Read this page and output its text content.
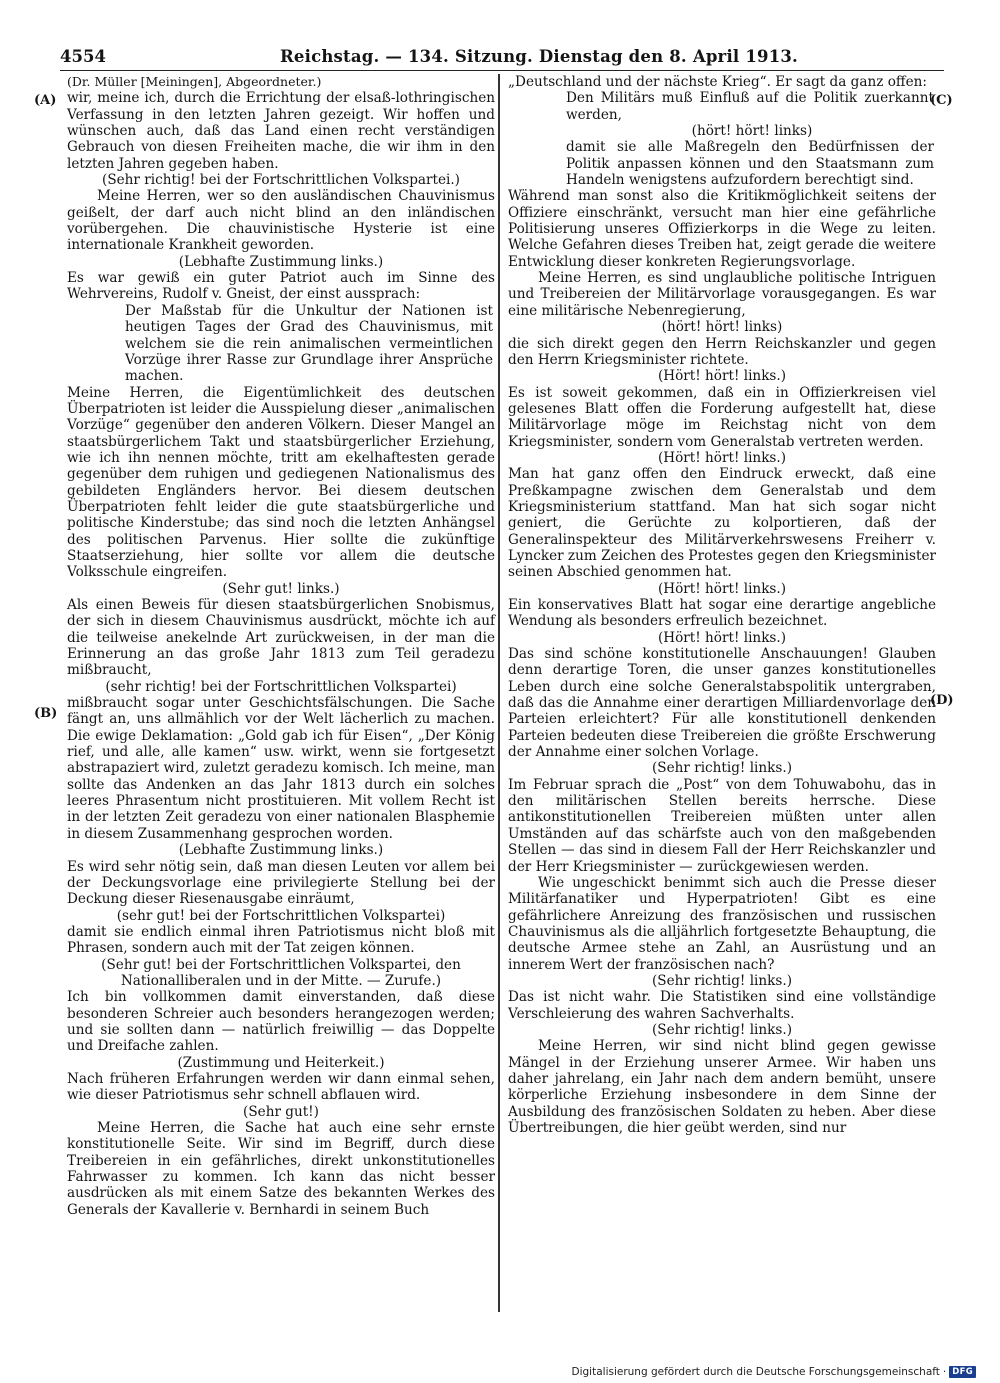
4554	Reichstag. — 134. Sitzung. Dienstag den 8. April 1913.
(A)
(B)
(C)
(D)

(Dr. Müller [Meiningen], Abgeordneter.)

wir, meine ich, durch die Errichtung der elsaß-lothringischen Verfassung in den letzten Jahren gezeigt. Wir hoffen und wünschen auch, daß das Land einen recht verständigen Gebrauch von diesen Freiheiten mache, die wir ihm in den letzten Jahren gegeben haben.

(Sehr richtig! bei der Fortschrittlichen Volkspartei.)

Meine Herren, wer so den ausländischen Chauvinismus geißelt, der darf auch nicht blind an den inländischen vorübergehen. Die chauvinistische Hysterie ist eine internationale Krankheit geworden.

(Lebhafte Zustimmung links.)

Es war gewiß ein guter Patriot auch im Sinne des Wehrvereins, Rudolf v. Gneist, der einst aussprach:

Der Maßstab für die Unkultur der Nationen ist heutigen Tages der Grad des Chauvinismus, mit welchem sie die rein animalischen vermeintlichen Vorzüge ihrer Rasse zur Grundlage ihrer Ansprüche machen.

Meine Herren, die Eigentümlichkeit des deutschen Überpatrioten ist leider die Ausspielung dieser „animalischen Vorzüge“ gegenüber den anderen Völkern. Dieser Mangel an staatsbürgerlichem Takt und staatsbürgerlicher Erziehung, wie ich ihn nennen möchte, tritt am ekelhaftesten gerade gegenüber dem ruhigen und gediegenen Nationalismus des gebildeten Engländers hervor. Bei diesem deutschen Überpatrioten fehlt leider die gute staatsbürgerliche und politische Kinderstube; das sind noch die letzten Anhängsel des politischen Parvenus. Hier sollte die zukünftige Staatserziehung, hier sollte vor allem die deutsche Volksschule eingreifen.

(Sehr gut! links.)

Als einen Beweis für diesen staatsbürgerlichen Snobismus, der sich in diesem Chauvinismus ausdrückt, möchte ich auf die teilweise anekelnde Art zurückweisen, in der man die Erinnerung an das große Jahr 1813 zum Teil geradezu mißbraucht,

(sehr richtig! bei der Fortschrittlichen Volkspartei)

mißbraucht sogar unter Geschichtsfälschungen. Die Sache fängt an, uns allmählich vor der Welt lächerlich zu machen. Die ewige Deklamation: „Gold gab ich für Eisen“, „Der König rief, und alle, alle kamen“ usw. wirkt, wenn sie fortgesetzt abstrapaziert wird, zuletzt geradezu komisch. Ich meine, man sollte das Andenken an das Jahr 1813 durch ein solches leeres Phrasentum nicht prostituieren. Mit vollem Recht ist in der letzten Zeit geradezu von einer nationalen Blasphemie in diesem Zusammenhang gesprochen worden.

(Lebhafte Zustimmung links.)

Es wird sehr nötig sein, daß man diesen Leuten vor allem bei der Deckungsvorlage eine privilegierte Stellung bei der Deckung dieser Riesenausgabe einräumt,

(sehr gut! bei der Fortschrittlichen Volkspartei)

damit sie endlich einmal ihren Patriotismus nicht bloß mit Phrasen, sondern auch mit der Tat zeigen können.

(Sehr gut! bei der Fortschrittlichen Volkspartei, den Nationalliberalen und in der Mitte. — Zurufe.)

Ich bin vollkommen damit einverstanden, daß diese besonderen Schreier auch besonders herangezogen werden; und sie sollten dann — natürlich freiwillig — das Doppelte und Dreifache zahlen.

(Zustimmung und Heiterkeit.)

Nach früheren Erfahrungen werden wir dann einmal sehen, wie dieser Patriotismus sehr schnell abflauen wird.

(Sehr gut!)

Meine Herren, die Sache hat auch eine sehr ernste konstitutionelle Seite. Wir sind im Begriff, durch diese Treibereien in ein gefährliches, direkt unkonstitutionelles Fahrwasser zu kommen. Ich kann das nicht besser ausdrücken als mit einem Satze des bekannten Werkes des Generals der Kavallerie v. Bernhardi in seinem Buch

„Deutschland und der nächste Krieg“. Er sagt da ganz offen:

Den Militärs muß Einfluß auf die Politik zuerkannt werden,

(hört! hört! links)

damit sie alle Maßregeln den Bedürfnissen der Politik anpassen können und den Staatsmann zum Handeln wenigstens aufzufordern berechtigt sind.

Während man sonst also die Kritikmöglichkeit seitens der Offiziere einschränkt, versucht man hier eine gefährliche Politisierung unseres Offizierkorps in die Wege zu leiten. Welche Gefahren dieses Treiben hat, zeigt gerade die weitere Entwicklung dieser konkreten Regierungsvorlage.

Meine Herren, es sind unglaubliche politische Intriguen und Treibereien der Militärvorlage vorausgegangen. Es war eine militärische Nebenregierung,

(hört! hört! links)

die sich direkt gegen den Herrn Reichskanzler und gegen den Herrn Kriegsminister richtete.

(Hört! hört! links.)

Es ist soweit gekommen, daß ein in Offizierkreisen viel gelesenes Blatt offen die Forderung aufgestellt hat, diese Militärvorlage möge im Reichstag nicht von dem Kriegsminister, sondern vom Generalstab vertreten werden.

(Hört! hört! links.)

Man hat ganz offen den Eindruck erweckt, daß eine Preßkampagne zwischen dem Generalstab und dem Kriegsministerium stattfand. Man hat sich sogar nicht geniert, die Gerüchte zu kolportieren, daß der Generalinspekteur des Militärverkehrswesens Freiherr v. Lyncker zum Zeichen des Protestes gegen den Kriegsminister seinen Abschied genommen hat.

(Hört! hört! links.)

Ein konservatives Blatt hat sogar eine derartige angebliche Wendung als besonders erfreulich bezeichnet.

(Hört! hört! links.)

Das sind schöne konstitutionelle Anschauungen! Glauben denn derartige Toren, die unser ganzes konstitutionelles Leben durch eine solche Generalstabspolitik untergraben, daß das die Annahme einer derartigen Milliardenvorlage den Parteien erleichtert? Für alle konstitutionell denkenden Parteien bedeuten diese Treibereien die größte Erschwerung der Annahme einer solchen Vorlage.

(Sehr richtig! links.)

Im Februar sprach die „Post“ von dem Tohuwabohu, das in den militärischen Stellen bereits herrsche. Diese antikonstitutionellen Treibereien müßten unter allen Umständen auf das schärfste auch von den maßgebenden Stellen — das sind in diesem Fall der Herr Reichskanzler und der Herr Kriegsminister — zurückgewiesen werden.

Wie ungeschickt benimmt sich auch die Presse dieser Militärfanatiker und Hyperpatrioten! Gibt es eine gefährlichere Anreizung des französischen und russischen Chauvinismus als die alljährlich fortgesetzte Behauptung, die deutsche Armee stehe an Zahl, an Ausrüstung und an innerem Wert der französischen nach?

(Sehr richtig! links.)

Das ist nicht wahr. Die Statistiken sind eine vollständige Verschleierung des wahren Sachverhalts.

(Sehr richtig! links.)

Meine Herren, wir sind nicht blind gegen gewisse Mängel in der Erziehung unserer Armee. Wir haben uns daher jahrelang, ein Jahr nach dem andern bemüht, unsere körperliche Erziehung insbesondere in dem Sinne der Ausbildung des französischen Soldaten zu heben. Aber diese Übertreibungen, die hier geübt werden, sind nur

Digitalisierung gefördert durch die Deutsche Forschungsgemeinschaft · DFG
